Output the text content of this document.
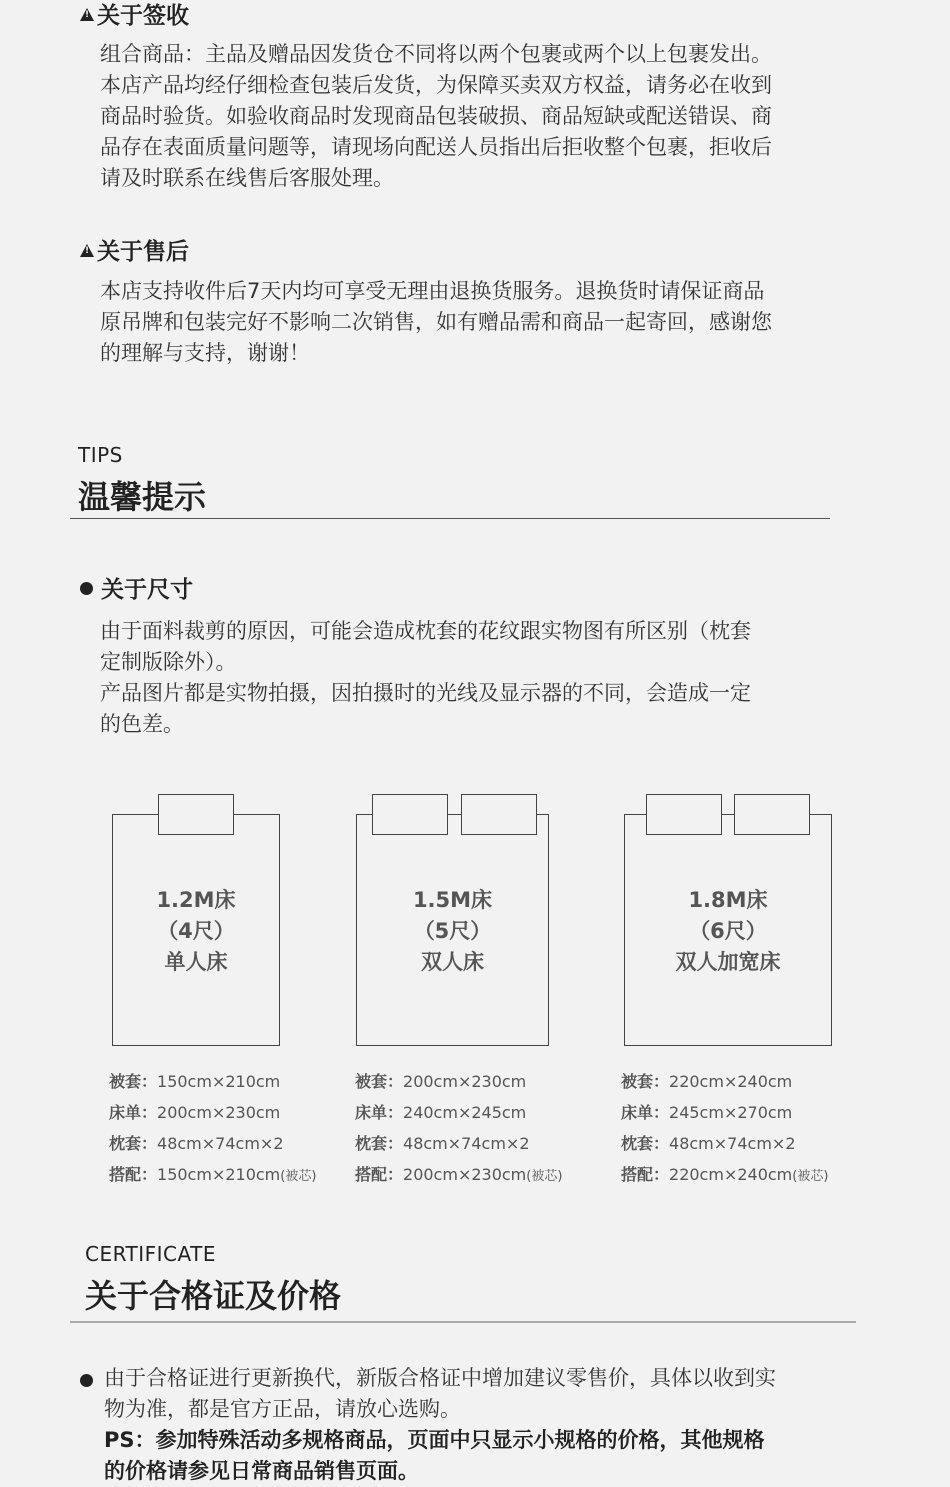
!关于签收

组合商品：主品及赠品因发货仓不同将以两个包裹或两个以上包裹发出。

本店产品均经仔细检查包装后发货，为保障买卖双方权益，请务必在收到

商品时验货。如验收商品时发现商品包装破损、商品短缺或配送错误、商

品存在表面质量问题等，请现场向配送人员指出后拒收整个包裹，拒收后

请及时联系在线售后客服处理。

!关于售后

本店支持收件后7天内均可享受无理由退换货服务。退换货时请保证商品

原吊牌和包装完好不影响二次销售，如有赠品需和商品一起寄回，感谢您

的理解与支持，谢谢！

TIPS
温馨提示
关于尺寸

由于面料裁剪的原因，可能会造成枕套的花纹跟实物图有所区别（枕套

定制版除外）。

产品图片都是实物拍摄，因拍摄时的光线及显示器的不同，会造成一定

的色差。

1.2M床
（4尺）
单人床
1.5M床
（5尺）
双人床
1.8M床
（6尺）
双人加宽床
被套：150cm×210cm
床单：200cm×230cm
枕套：48cm×74cm×2
搭配：150cm×210cm(被芯)
被套：200cm×230cm
床单：240cm×245cm
枕套：48cm×74cm×2
搭配：200cm×230cm(被芯)
被套：220cm×240cm
床单：245cm×270cm
枕套：48cm×74cm×2
搭配：220cm×240cm(被芯)
CERTIFICATE
关于合格证及价格

由于合格证进行更新换代，新版合格证中增加建议零售价，具体以收到实

物为准，都是官方正品，请放心选购。

PS：参加特殊活动多规格商品，页面中只显示小规格的价格，其他规格

的价格请参见日常商品销售页面。
